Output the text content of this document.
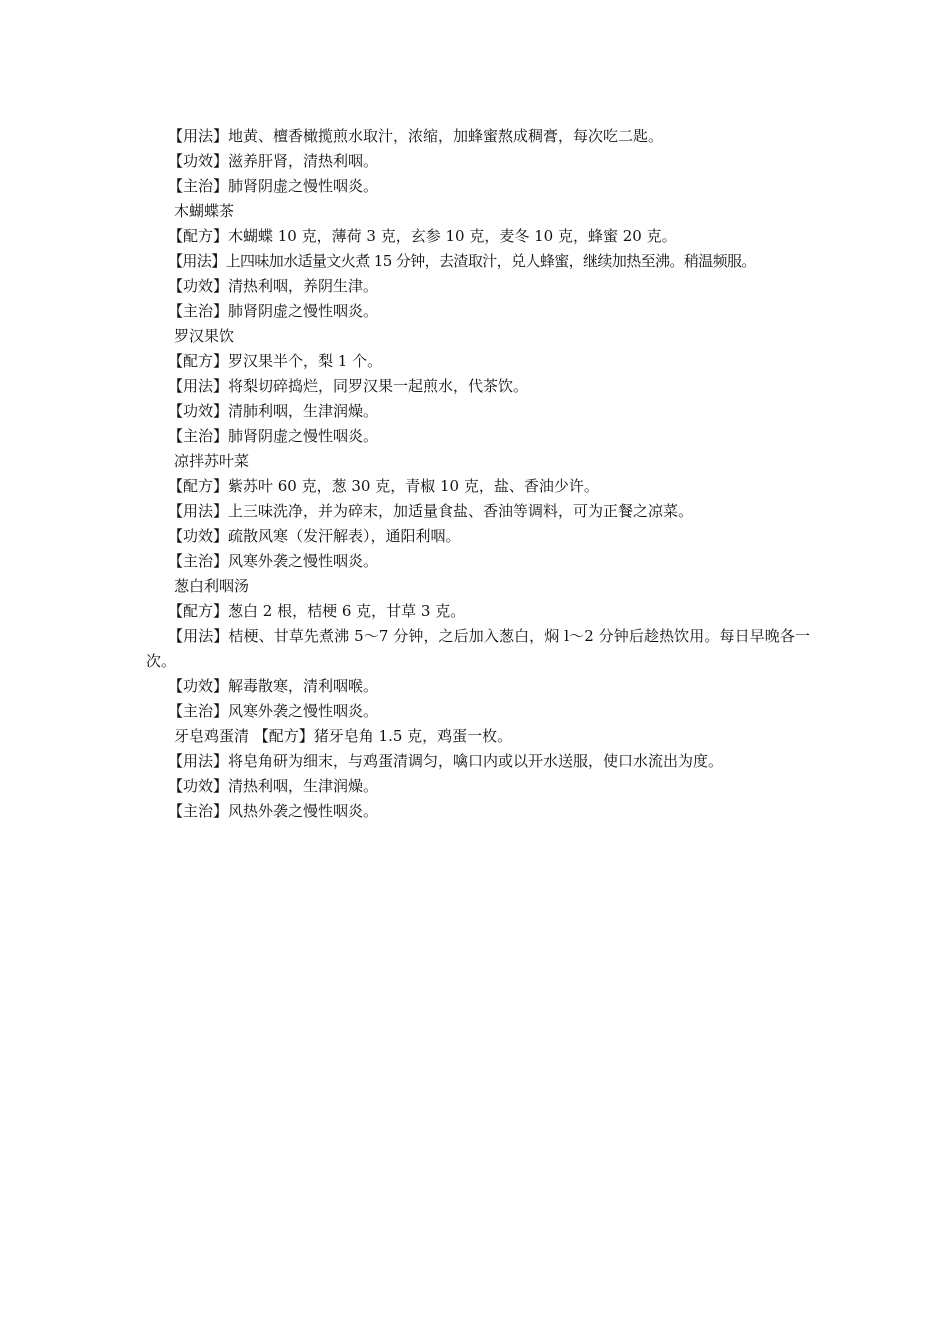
【用法】地黄、檀香橄揽煎水取汁，浓缩，加蜂蜜熬成稠膏，每次吃二匙。
【功效】滋养肝肾，清热利咽。
【主治】肺肾阴虚之慢性咽炎。
木蝴蝶茶
【配方】木蝴蝶 10 克，薄荷 3 克，玄参 10 克，麦冬 10 克，蜂蜜 20 克。
【用法】上四味加水适量文火煮 15 分钟，去渣取汁，兑人蜂蜜，继续加热至沸。稍温频服。
【功效】清热利咽，养阴生津。
【主治】肺肾阴虚之慢性咽炎。
罗汉果饮
【配方】罗汉果半个，梨 1 个。
【用法】将梨切碎捣烂，同罗汉果一起煎水，代茶饮。
【功效】清肺利咽，生津润燥。
【主治】肺肾阴虚之慢性咽炎。
凉拌苏叶菜
【配方】紫苏叶 60 克，葱 30 克，青椒 10 克，盐、香油少许。
【用法】上三味洗净，并为碎末，加适量食盐、香油等调料，可为正餐之凉菜。
【功效】疏散风寒（发汗解表），通阳利咽。
【主治】风寒外袭之慢性咽炎。
葱白利咽汤
【配方】葱白 2 根，桔梗 6 克，甘草 3 克。
【用法】桔梗、甘草先煮沸 5～7 分钟，之后加入葱白，焖 l～2 分钟后趁热饮用。每日早晚各一次。
【功效】解毒散寒，清利咽喉。
【主治】风寒外袭之慢性咽炎。
牙皂鸡蛋清 【配方】猪牙皂角 1.5 克，鸡蛋一枚。
【用法】将皂角研为细末，与鸡蛋清调匀，噙口内或以开水送服，使口水流出为度。
【功效】清热利咽，生津润燥。
【主治】风热外袭之慢性咽炎。
